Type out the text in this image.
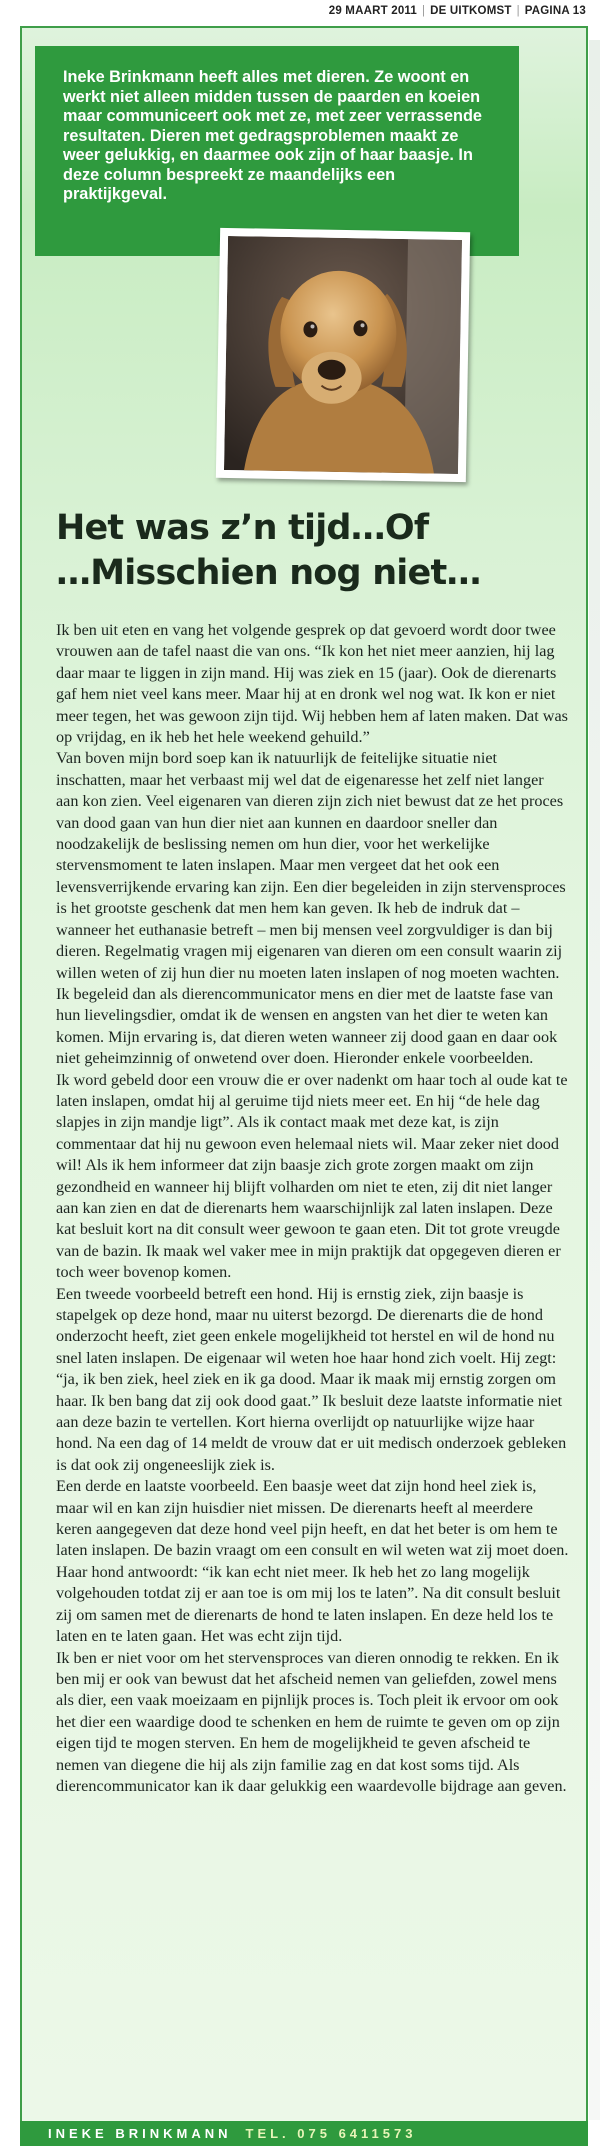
29 MAART 2011 | DE UITKOMST | PAGINA 13

Ineke Brinkmann heeft alles met dieren. Ze woont en werkt niet alleen midden tussen de paarden en koeien maar communiceert ook met ze, met zeer verrassende resultaten. Dieren met gedragsproblemen maakt ze weer gelukkig, en daarmee ook zijn of haar baasje. In deze column bespreekt ze maandelijks een praktijkgeval.

Het was z’n tijd…Of
…Misschien nog niet…

Ik ben uit eten en vang het volgende gesprek op dat gevoerd wordt door twee vrouwen aan de tafel naast die van ons. “Ik kon het niet meer aanzien, hij lag daar maar te liggen in zijn mand. Hij was ziek en 15 (jaar). Ook de dierenarts gaf hem niet veel kans meer. Maar hij at en dronk wel nog wat. Ik kon er niet meer tegen, het was gewoon zijn tijd. Wij hebben hem af laten maken. Dat was op vrijdag, en ik heb het hele weekend gehuild.”

Van boven mijn bord soep kan ik natuurlijk de feitelijke situatie niet inschatten, maar het verbaast mij wel dat de eigenaresse het zelf niet langer aan kon zien. Veel eigenaren van dieren zijn zich niet bewust dat ze het proces van dood gaan van hun dier niet aan kunnen en daardoor sneller dan noodzakelijk de beslissing nemen om hun dier, voor het werkelijke stervensmoment te laten inslapen. Maar men vergeet dat het ook een levensverrijkende ervaring kan zijn. Een dier begeleiden in zijn stervensproces is het grootste geschenk dat men hem kan geven. Ik heb de indruk dat – wanneer het euthanasie betreft – men bij mensen veel zorgvuldiger is dan bij dieren. Regelmatig vragen mij eigenaren van dieren om een consult waarin zij willen weten of zij hun dier nu moeten laten inslapen of nog moeten wachten. Ik begeleid dan als dierencommunicator mens en dier met de laatste fase van hun lievelingsdier, omdat ik de wensen en angsten van het dier te weten kan komen. Mijn ervaring is, dat dieren weten wanneer zij dood gaan en daar ook niet geheimzinnig of onwetend over doen. Hieronder enkele voorbeelden.

Ik word gebeld door een vrouw die er over nadenkt om haar toch al oude kat te laten inslapen, omdat hij al geruime tijd niets meer eet. En hij “de hele dag slapjes in zijn mandje ligt”. Als ik contact maak met deze kat, is zijn commentaar dat hij nu gewoon even helemaal niets wil. Maar zeker niet dood wil! Als ik hem informeer dat zijn baasje zich grote zorgen maakt om zijn gezondheid en wanneer hij blijft volharden om niet te eten, zij dit niet langer aan kan zien en dat de dierenarts hem waarschijnlijk zal laten inslapen. Deze kat besluit kort na dit consult weer gewoon te gaan eten. Dit tot grote vreugde van de bazin. Ik maak wel vaker mee in mijn praktijk dat opgegeven dieren er toch weer bovenop komen.

Een tweede voorbeeld betreft een hond. Hij is ernstig ziek, zijn baasje is stapelgek op deze hond, maar nu uiterst bezorgd. De dierenarts die de hond onderzocht heeft, ziet geen enkele mogelijkheid tot herstel en wil de hond nu snel laten inslapen. De eigenaar wil weten hoe haar hond zich voelt. Hij zegt: “ja, ik ben ziek, heel ziek en ik ga dood. Maar ik maak mij ernstig zorgen om haar. Ik ben bang dat zij ook dood gaat.” Ik besluit deze laatste informatie niet aan deze bazin te vertellen. Kort hierna overlijdt op natuurlijke wijze haar hond. Na een dag of 14 meldt de vrouw dat er uit medisch onderzoek gebleken is dat ook zij ongeneeslijk ziek is.

Een derde en laatste voorbeeld. Een baasje weet dat zijn hond heel ziek is, maar wil en kan zijn huisdier niet missen. De dierenarts heeft al meerdere keren aangegeven dat deze hond veel pijn heeft, en dat het beter is om hem te laten inslapen. De bazin vraagt om een consult en wil weten wat zij moet doen. Haar hond antwoordt: “ik kan echt niet meer. Ik heb het zo lang mogelijk volgehouden totdat zij er aan toe is om mij los te laten”. Na dit consult besluit zij om samen met de dierenarts de hond te laten inslapen. En deze held los te laten en te laten gaan. Het was echt zijn tijd.

Ik ben er niet voor om het stervensproces van dieren onnodig te rekken. En ik ben mij er ook van bewust dat het afscheid nemen van geliefden, zowel mens als dier, een vaak moeizaam en pijnlijk proces is. Toch pleit ik ervoor om ook het dier een waardige dood te schenken en hem de ruimte te geven om op zijn eigen tijd te mogen sterven. En hem de mogelijkheid te geven afscheid te nemen van diegene die hij als zijn familie zag en dat kost soms tijd. Als dierencommunicator kan ik daar gelukkig een waardevolle bijdrage aan geven.

INEKE BRINKMANN TEL. 075 6411573
